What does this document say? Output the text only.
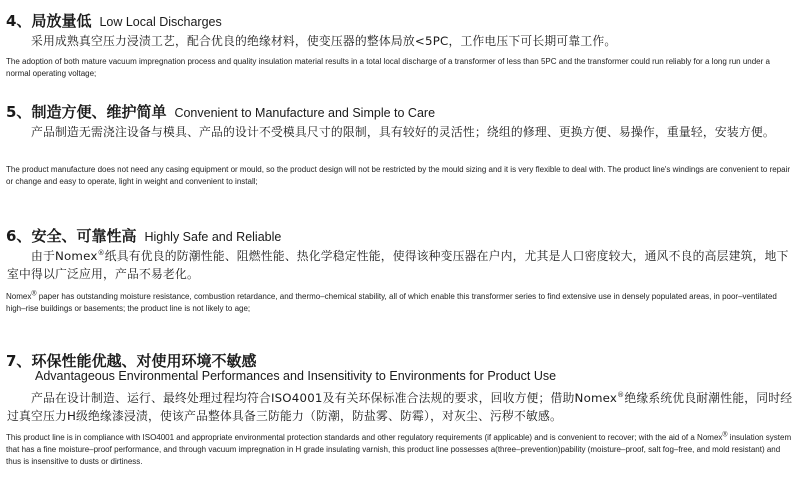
4、局放量低 Low Local Discharges
采用成熟真空压力浸渍工艺，配合优良的绝缘材料，使变压器的整体局放<5PC，工作电压下可长期可靠工作。
The adoption of both mature vacuum impregnation process and quality insulation material results in a total local discharge of a transformer of less than 5PC and the transformer could run reliably for a long run under a normal operating voltage;
5、制造方便、维护简单 Convenient to Manufacture and Simple to Care
产品制造无需浇注设备与模具、产品的设计不受模具尺寸的限制，具有较好的灵活性；绕组的修理、更换方便、易操作，重量轻，安装方便。
The product manufacture does not need any casing equipment or mould, so the product design will not be restricted by the mould sizing and it is very flexible to deal with. The product line's windings are convenient to repair or change and easy to operate, light in weight and convenient to install;
6、安全、可靠性高 Highly Safe and Reliable
由于Nomex®纸具有优良的防潮性能、阻燃性能、热化学稳定性能，使得该种变压器在户内，尤其是人口密度较大，通风不良的高层建筑，地下室中得以广泛应用，产品不易老化。
Nomex® paper has outstanding moisture resistance, combustion retardance, and thermo–chemical stability, all of which enable this transformer series to find extensive use in densely populated areas, in poor–ventilated high–rise buildings or basements; the product line is not likely to age;
7、环保性能优越、对使用环境不敏感
Advantageous Environmental Performances and Insensitivity to Environments for Product Use
产品在设计制造、运行、最终处理过程均符合ISO4001及有关环保标准合法规的要求，回收方便；借助Nomex®绝缘系统优良耐潮性能，同时经过真空压力H级绝缘漆浸渍，使该产品整体具备三防能力（防潮，防盐雾、防霉），对灰尘、污秽不敏感。
This product line is in compliance with ISO4001 and appropriate environmental protection standards and other regulatory requirements (if applicable) and is convenient to recover; with the aid of a Nomex® insulation system that has a fine moisture–proof performance, and through vacuum impregnation in H grade insulating varnish, this product line possesses a(three–prevention)pability (moisture–proof, salt fog–free, and mold resistant) and thus is insensitive to dusts or dirtiness.
